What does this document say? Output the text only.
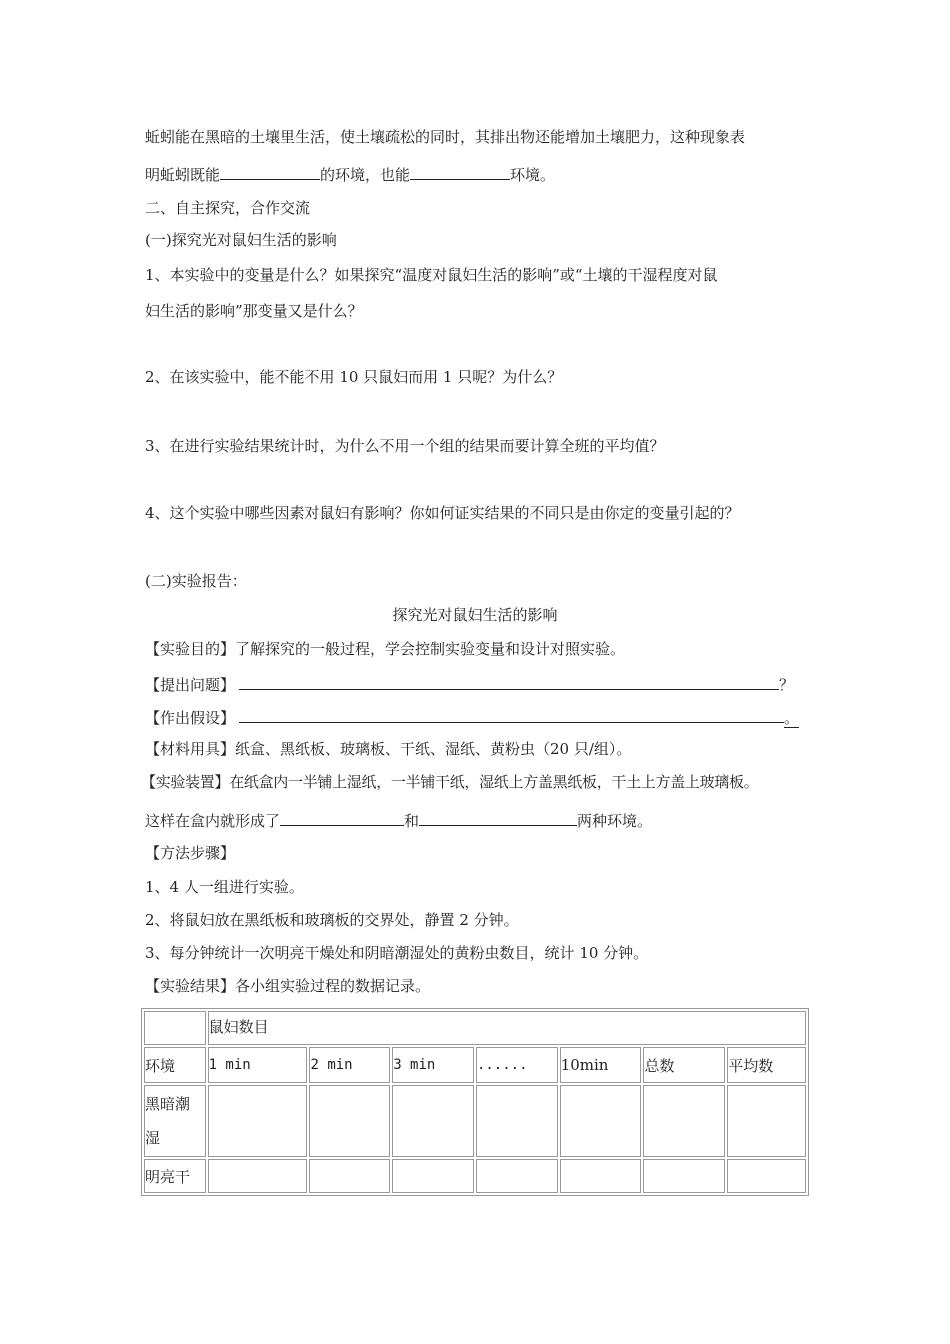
蚯蚓能在黑暗的土壤里生活，使土壤疏松的同时，其排出物还能增加土壤肥力，这种现象表
明蚯蚓既能	的环境，也能	环境。
二、自主探究，合作交流
(一)探究光对鼠妇生活的影响
1、本实验中的变量是什么？如果探究“温度对鼠妇生活的影响”或“土壤的干湿程度对鼠
妇生活的影响”那变量又是什么？
2、在该实验中，能不能不用 10 只鼠妇而用 1 只呢？为什么？
3、在进行实验结果统计时，为什么不用一个组的结果而要计算全班的平均值？
4、这个实验中哪些因素对鼠妇有影响？你如何证实结果的不同只是由你定的变量引起的？
(二)实验报告：
探究光对鼠妇生活的影响
【实验目的】了解探究的一般过程，学会控制实验变量和设计对照实验。
【提出问题】	？
【作出假设】	。
【材料用具】纸盒、黑纸板、玻璃板、干纸、湿纸、黄粉虫（20 只/组）。
【实验装置】在纸盒内一半铺上湿纸，一半铺干纸，湿纸上方盖黑纸板，干土上方盖上玻璃板。
这样在盒内就形成了	和	两种环境。
【方法步骤】
1、4 人一组进行实验。
2、将鼠妇放在黑纸板和玻璃板的交界处，静置 2 分钟。
3、每分钟统计一次明亮干燥处和阴暗潮湿处的黄粉虫数目，统计 10 分钟。
【实验结果】各小组实验过程的数据记录。
	鼠妇数目						
环境	1 min	2 min	3 min	......	10min	总数	平均数
黑暗潮
湿							
明亮干							
